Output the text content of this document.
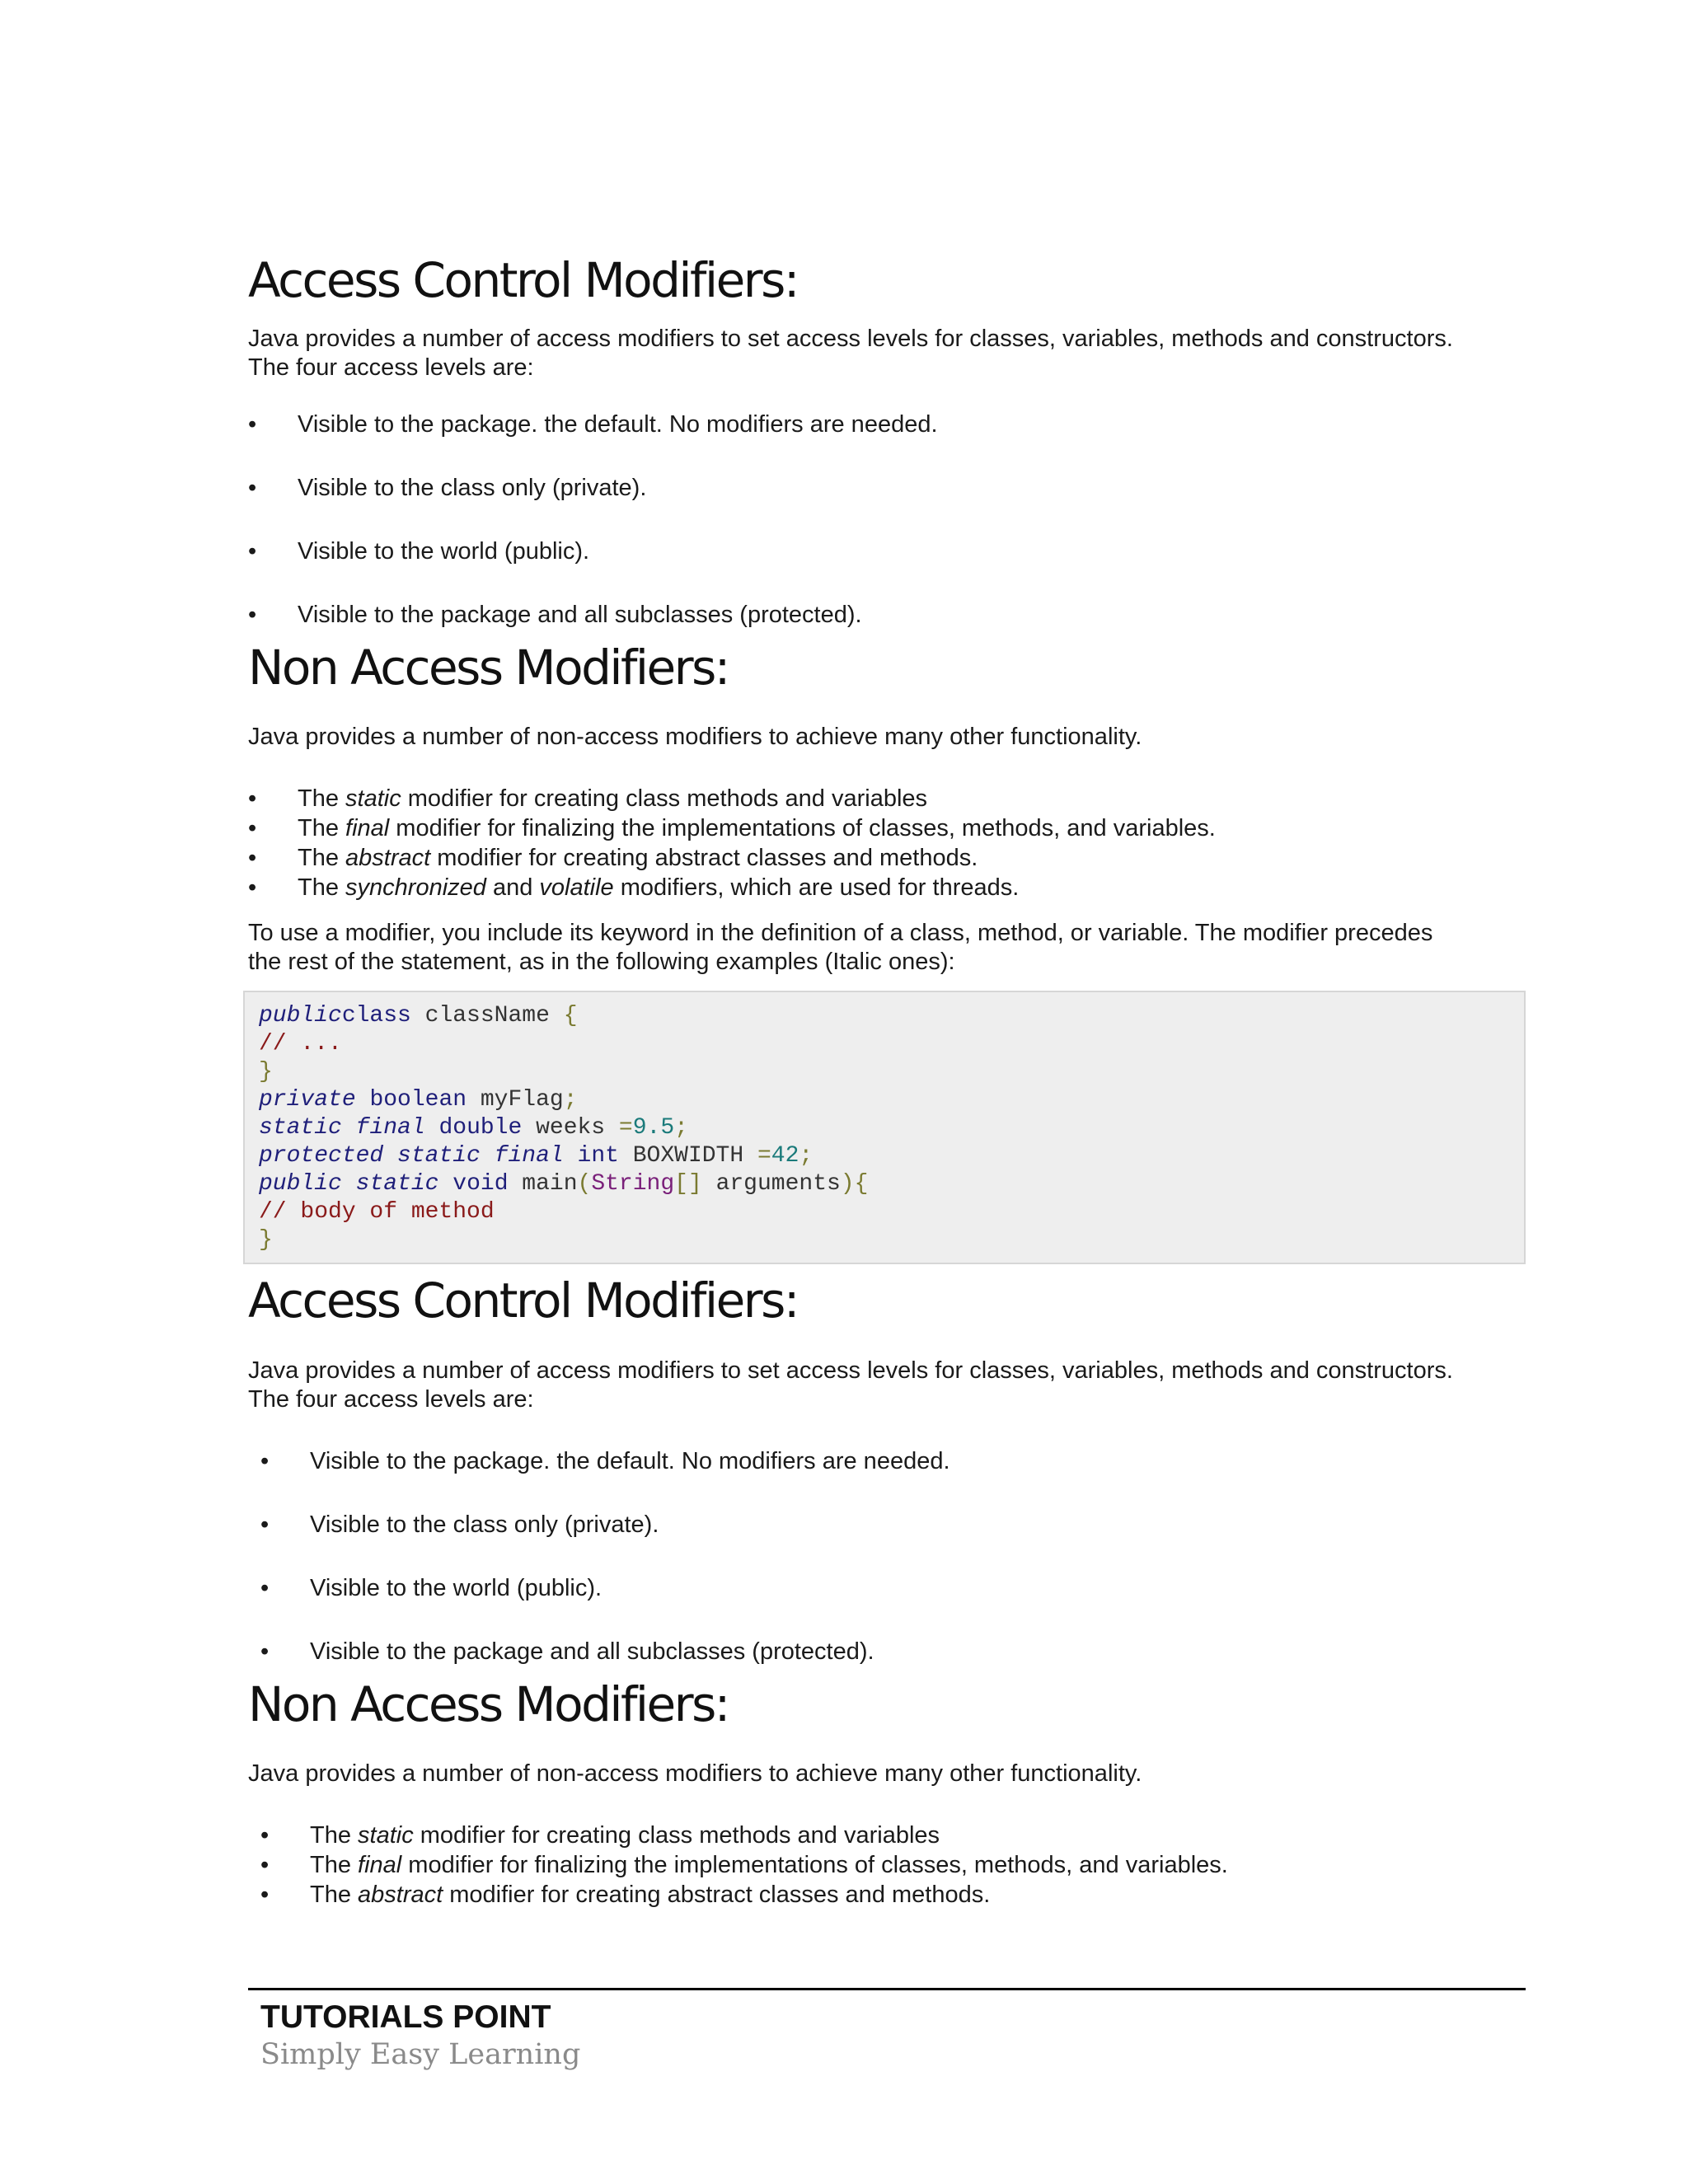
Access Control Modifiers:

Java provides a number of access modifiers to set access levels for classes, variables, methods and constructors.
The four access levels are:

•	Visible to the package. the default. No modifiers are needed.
•	Visible to the class only (private).
•	Visible to the world (public).
•	Visible to the package and all subclasses (protected).
Non Access Modifiers:

Java provides a number of non-access modifiers to achieve many other functionality.

•	The static modifier for creating class methods and variables
•	The final modifier for finalizing the implementations of classes, methods, and variables.
•	The abstract modifier for creating abstract classes and methods.
•	The synchronized and volatile modifiers, which are used for threads.

To use a modifier, you include its keyword in the definition of a class, method, or variable. The modifier precedes
the rest of the statement, as in the following examples (Italic ones):

publicclass className {
// ...
}
private boolean myFlag;
static final double weeks =9.5;
protected static final int BOXWIDTH =42;
public static void main(String[] arguments){
// body of method
}
Access Control Modifiers:

Java provides a number of access modifiers to set access levels for classes, variables, methods and constructors.
The four access levels are:

•	Visible to the package. the default. No modifiers are needed.
•	Visible to the class only (private).
•	Visible to the world (public).
•	Visible to the package and all subclasses (protected).
Non Access Modifiers:

Java provides a number of non-access modifiers to achieve many other functionality.

•	The static modifier for creating class methods and variables
•	The final modifier for finalizing the implementations of classes, methods, and variables.
•	The abstract modifier for creating abstract classes and methods.
TUTORIALS POINT
Simply Easy Learning
